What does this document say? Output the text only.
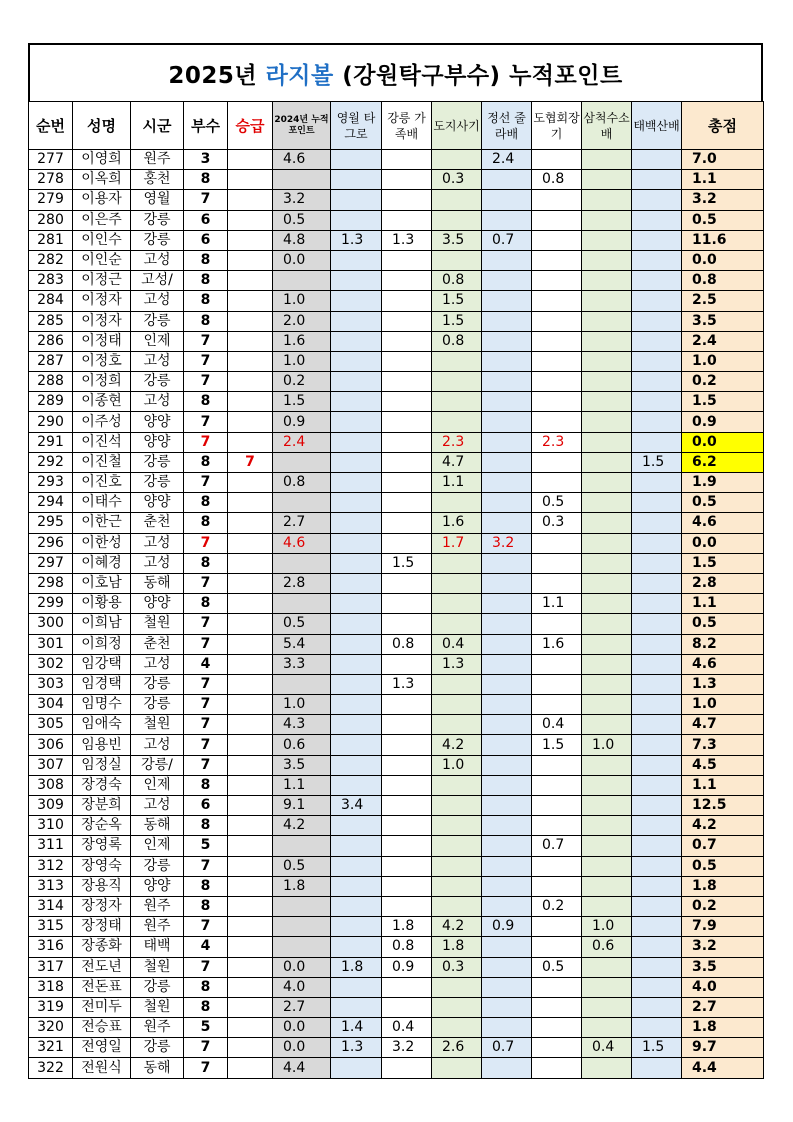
2025년
라지볼
(강원탁구부수) 누적포인트
순번	성명	시군	부수	승급	2024년 누적포인트	영월 타그로	강릉 가족배	도지사기	정선 줄라배	도협회장기	삼척수소배	태백산배	총점
277	이영희	원주	3		4.6				2.4				7.0
278	이옥희	홍천	8					0.3		0.8			1.1
279	이용자	영월	7		3.2								3.2
280	이은주	강릉	6		0.5								0.5
281	이인수	강릉	6		4.8	1.3	1.3	3.5	0.7				11.6
282	이인순	고성	8		0.0								0.0
283	이정근	고성/	8					0.8					0.8
284	이정자	고성	8		1.0			1.5					2.5
285	이정자	강릉	8		2.0			1.5					3.5
286	이정태	인제	7		1.6			0.8					2.4
287	이정호	고성	7		1.0								1.0
288	이정희	강릉	7		0.2								0.2
289	이종현	고성	8		1.5								1.5
290	이주성	양양	7		0.9								0.9
291	이진석	양양	7		2.4			2.3		2.3			0.0
292	이진철	강릉	8	7				4.7				1.5	6.2
293	이진호	강릉	7		0.8			1.1					1.9
294	이태수	양양	8							0.5			0.5
295	이한근	춘천	8		2.7			1.6		0.3			4.6
296	이한성	고성	7		4.6			1.7	3.2				0.0
297	이혜경	고성	8				1.5						1.5
298	이호남	동해	7		2.8								2.8
299	이황용	양양	8							1.1			1.1
300	이희남	철원	7		0.5								0.5
301	이희정	춘천	7		5.4		0.8	0.4		1.6			8.2
302	임강택	고성	4		3.3			1.3					4.6
303	임경택	강릉	7				1.3						1.3
304	임명수	강릉	7		1.0								1.0
305	임애숙	철원	7		4.3					0.4			4.7
306	임용빈	고성	7		0.6			4.2		1.5	1.0		7.3
307	임정실	강릉/	7		3.5			1.0					4.5
308	장경숙	인제	8		1.1								1.1
309	장분희	고성	6		9.1	3.4							12.5
310	장순옥	동해	8		4.2								4.2
311	장영록	인제	5							0.7			0.7
312	장영숙	강릉	7		0.5								0.5
313	장용직	양양	8		1.8								1.8
314	장정자	원주	8							0.2			0.2
315	장정태	원주	7				1.8	4.2	0.9		1.0		7.9
316	장종화	태백	4				0.8	1.8			0.6		3.2
317	전도년	철원	7		0.0	1.8	0.9	0.3		0.5			3.5
318	전돈표	강릉	8		4.0								4.0
319	전미두	철원	8		2.7								2.7
320	전승표	원주	5		0.0	1.4	0.4						1.8
321	전영일	강릉	7		0.0	1.3	3.2	2.6	0.7		0.4	1.5	9.7
322	전원식	동해	7		4.4								4.4
